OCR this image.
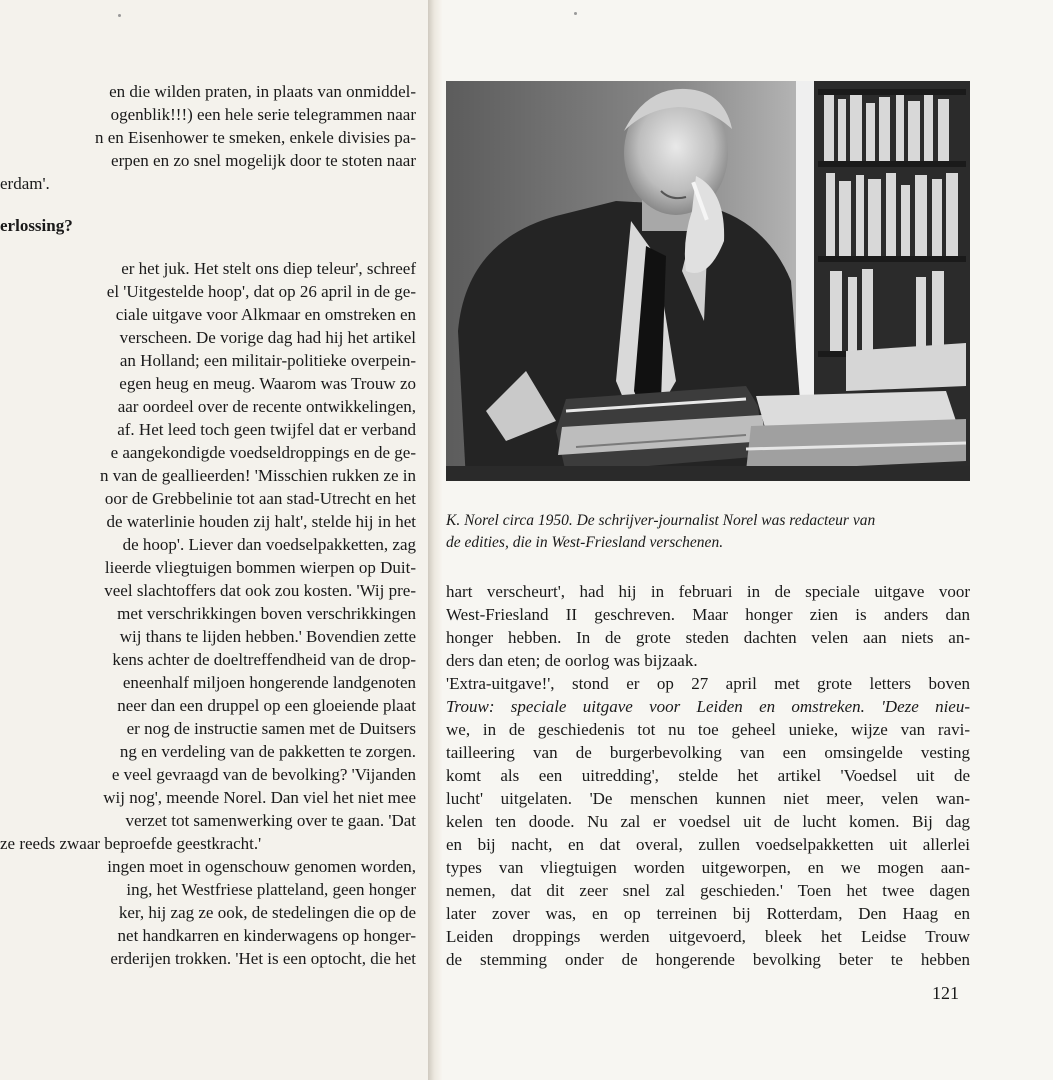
en die wilden praten, in plaats van onmiddel-
ogenblik!!!) een hele serie telegrammen naar
n en Eisenhower te smeken, enkele divisies pa-
erpen en zo snel mogelijk door te stoten naar
erdam'.
erlossing?
er het juk. Het stelt ons diep teleur', schreef
el 'Uitgestelde hoop', dat op 26 april in de ge-
ciale uitgave voor Alkmaar en omstreken en
verscheen. De vorige dag had hij het artikel
an Holland; een militair-politieke overpein-
egen heug en meug. Waarom was Trouw zo
aar oordeel over de recente ontwikkelingen,
af. Het leed toch geen twijfel dat er verband
e aangekondigde voedseldroppings en de ge-
n van de geallieerden! 'Misschien rukken ze in
oor de Grebbelinie tot aan stad-Utrecht en het
de waterlinie houden zij halt', stelde hij in het
de hoop'. Liever dan voedselpakketten, zag
lieerde vliegtuigen bommen wierpen op Duit-
veel slachtoffers dat ook zou kosten. 'Wij pre-
met verschrikkingen boven verschrikkingen
wij thans te lijden hebben.' Bovendien zette
kens achter de doeltreffendheid van de drop-
eneenhalf miljoen hongerende landgenoten
neer dan een druppel op een gloeiende plaat
er nog de instructie samen met de Duitsers
ng en verdeling van de pakketten te zorgen.
e veel gevraagd van de bevolking? 'Vijanden
wij nog', meende Norel. Dan viel het niet mee
verzet tot samenwerking over te gaan. 'Dat
ze reeds zwaar beproefde geestkracht.'
ingen moet in ogenschouw genomen worden,
ing, het Westfriese platteland, geen honger
ker, hij zag ze ook, de stedelingen die op de
net handkarren en kinderwagens op honger-
erderijen trokken. 'Het is een optocht, die het
K. Norel circa 1950. De schrijver-journalist Norel was redacteur van
de edities, die in West-Friesland verschenen.
hart verscheurt', had hij in februari in de speciale uitgave voor
West-Friesland II geschreven. Maar honger zien is anders dan
honger hebben. In de grote steden dachten velen aan niets an-
ders dan eten; de oorlog was bijzaak.
'Extra-uitgave!', stond er op 27 april met grote letters boven
Trouw: speciale uitgave voor Leiden en omstreken. 'Deze nieu-
we, in de geschiedenis tot nu toe geheel unieke, wijze van ravi-
tailleering van de burgerbevolking van een omsingelde vesting
komt als een uitredding', stelde het artikel 'Voedsel uit de
lucht' uitgelaten. 'De menschen kunnen niet meer, velen wan-
kelen ten doode. Nu zal er voedsel uit de lucht komen. Bij dag
en bij nacht, en dat overal, zullen voedselpakketten uit allerlei
types van vliegtuigen worden uitgeworpen, en we mogen aan-
nemen, dat dit zeer snel zal geschieden.' Toen het twee dagen
later zover was, en op terreinen bij Rotterdam, Den Haag en
Leiden droppings werden uitgevoerd, bleek het Leidse Trouw
de stemming onder de hongerende bevolking beter te hebben
121
